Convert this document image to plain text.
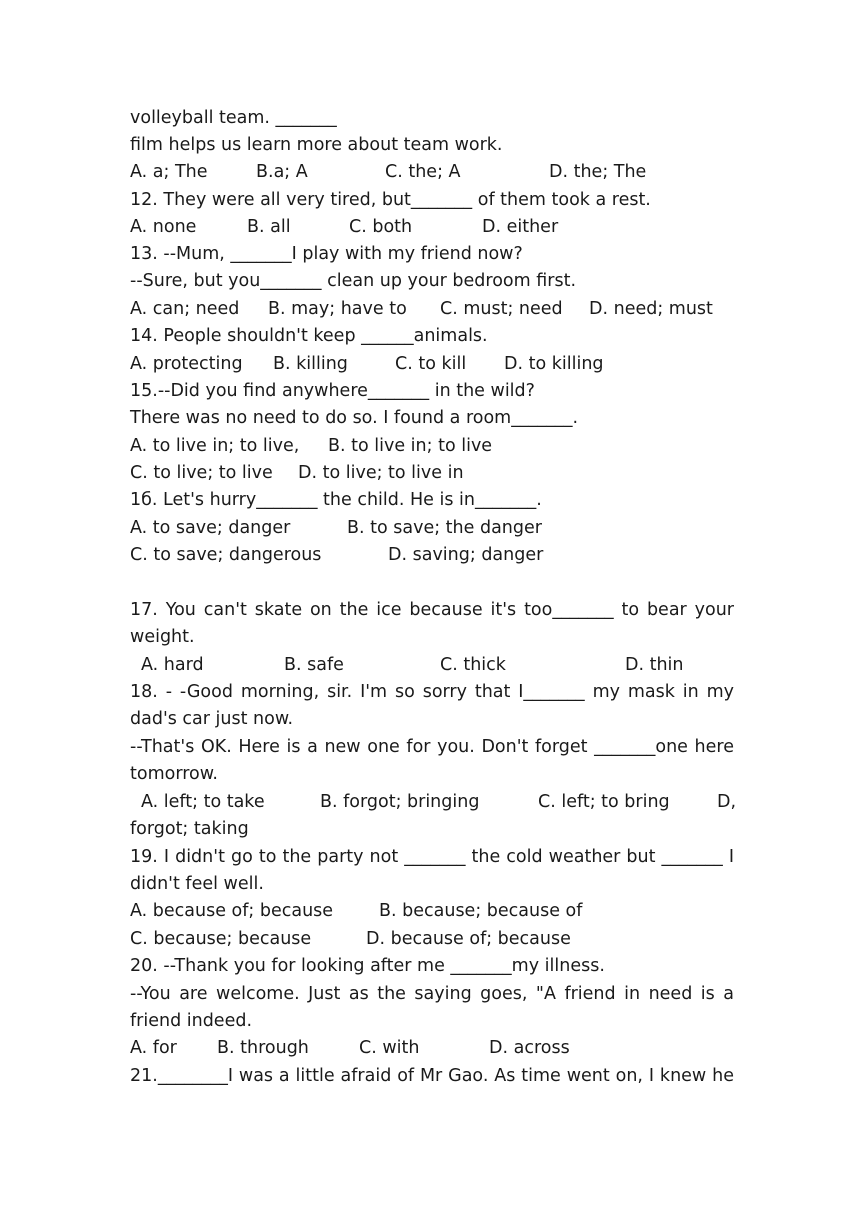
volleyball team. _______
film helps us learn more about team work.
A. a; The	B.a; A	C. the; A	D. the; The
12. They were all very tired, but_______ of them took a rest.
A. none	B. all	C. both	D. either
13. --Mum, _______I play with my friend now?
--Sure, but you_______ clean up your bedroom first.
A. can; need B. may; have to C. must; need D. need; must
14. People shouldn't keep ______animals.
A. protecting B. killing	C. to kill D. to killing
15.--Did you find anywhere_______ in the wild?
There was no need to do so. I found a room_______.
A. to live in; to live, B. to live in; to live
C. to live; to live D. to live; to live in
1б. Let's hurry_______ the child. He is in_______.
A. to save; danger	B. to save; the danger
C. to save; dangerous	D. saving; danger
17. You can't skate on the ice because it's too_______ to bear your
weight.
A. hard	B. safe	C. thick	D. thin
18. - -Good morning, sir. I'm so sorry that I_______ my mask in my
dad's car just now.
--That's OK. Here is a new one for you. Don't forget _______one here
tomorrow.
A. left; to take	B. forgot; bringing	C. left; to bring	D,
forgot; taking
19. I didn't go to the party not _______ the cold weather but _______ I
didn't feel well.
A. because of; because	B. because; because of
C. because; because	D. because of; because
20. --Thank you for looking after me _______my illness.
--You are welcome. Just as the saying goes, "A friend in need is a
friend indeed.
A. for B. through	C. with	D. across
21.________I was a little afraid of Mr Gao. As time went on, I knew he
